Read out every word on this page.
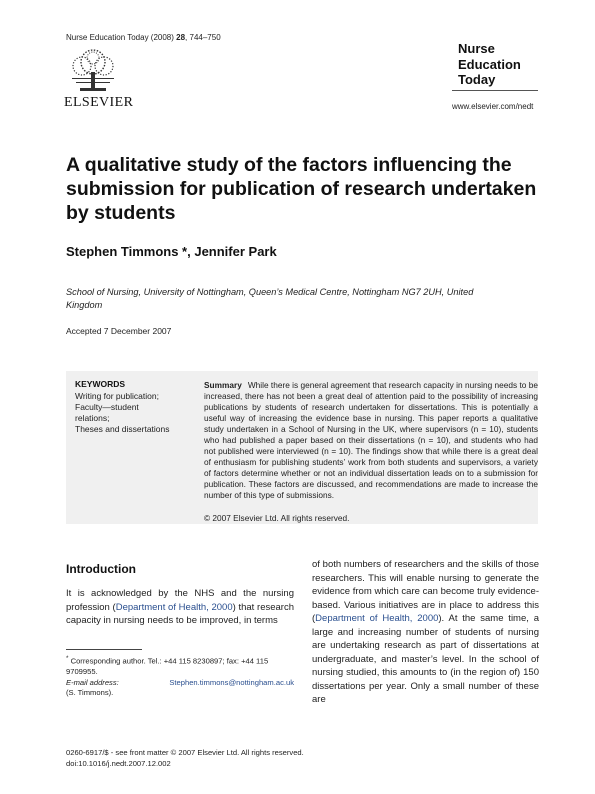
Nurse Education Today (2008) 28, 744–750
ELSEVIER
Nurse
Education
Today
www.elsevier.com/nedt
A qualitative study of the factors influencing the submission for publication of research undertaken by students
Stephen Timmons *, Jennifer Park
School of Nursing, University of Nottingham, Queen’s Medical Centre, Nottingham NG7 2UH, United Kingdom
Accepted 7 December 2007
KEYWORDS
Writing for publication;
Faculty—student
relations;
Theses and dissertations
Summary While there is general agreement that research capacity in nursing needs to be increased, there has not been a great deal of attention paid to the possibility of increasing publications by students of research undertaken for dissertations. This is potentially a useful way of increasing the evidence base in nursing. This paper reports a qualitative study undertaken in a School of Nursing in the UK, where supervisors (n = 10), students who had published a paper based on their dissertations (n = 10), and students who had not published were interviewed (n = 10). The findings show that while there is a great deal of enthusiasm for publishing students’ work from both students and supervisors, a variety of factors determine whether or not an individual dissertation leads on to a submission for publication. These factors are discussed, and recommendations are made to increase the number of this type of submissions.
© 2007 Elsevier Ltd. All rights reserved.
Introduction
It is acknowledged by the NHS and the nursing profession (Department of Health, 2000) that research capacity in nursing needs to be improved, in terms
of both numbers of researchers and the skills of those researchers. This will enable nursing to generate the evidence from which care can become truly evidence-based. Various initiatives are in place to address this (Department of Health, 2000). At the same time, a large and increasing number of students of nursing are undertaking research as part of dissertations at undergraduate, and master’s level. In the school of nursing studied, this amounts to (in the region of) 150 dissertations per year. Only a small number of these are
* Corresponding author. Tel.: +44 115 8230897; fax: +44 115 9709955.
E-mail address:	Stephen.timmons@nottingham.ac.uk
(S. Timmons).
0260-6917/$ - see front matter © 2007 Elsevier Ltd. All rights reserved.
doi:10.1016/j.nedt.2007.12.002
